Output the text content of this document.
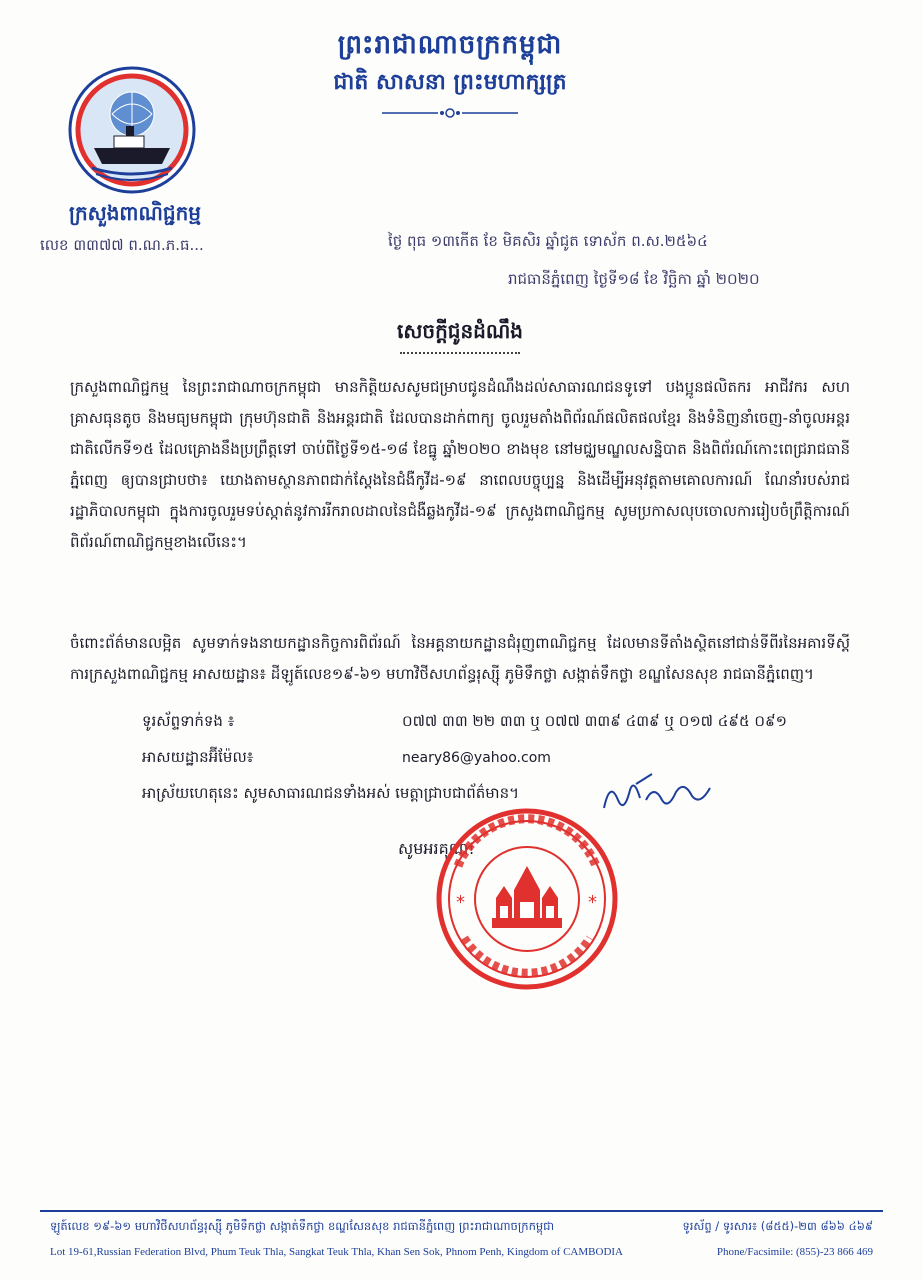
ព្រះរាជាណាចក្រកម្ពុជា
ជាតិ សាសនា ព្រះមហាក្សត្រ
ក្រសួងពាណិជ្ជកម្ម
លេខ ៣៣៧៧ ព.ណ.ភ.ធ...	ថ្ងៃ ពុធ ១៣កើត ខែ មិគសិរ ឆ្នាំជូត ទោស័ក ព.ស.២៥៦៤
រាជធានីភ្នំពេញ ថ្ងៃទី១៨ ខែ វិច្ឆិកា ឆ្នាំ ២០២០
សេចក្តីជូនដំណឹង
ក្រសួងពាណិជ្ជកម្ម នៃព្រះរាជាណាចក្រកម្ពុជា មានកិត្តិយសសូមជម្រាបជូនដំណឹងដល់សាធារណជនទូទៅ បងប្អូនផលិតករ អាជីវករ សហគ្រាសធុនតូច និងមធ្យមកម្ពុជា ក្រុមហ៊ុនជាតិ និងអន្តរជាតិ ដែលបានដាក់ពាក្យ ចូលរួមតាំងពិព័រណ៍ផលិតផលខ្មែរ និងទំនិញនាំចេញ-នាំចូលអន្តរជាតិលើកទី១៥ ដែលគ្រោងនឹងប្រព្រឹត្តទៅ ចាប់ពីថ្ងៃទី១៥-១៨ ខែធ្នូ ឆ្នាំ២០២០ ខាងមុខ នៅមជ្ឈមណ្ឌលសន្និបាត និងពិព័រណ៍កោះពេជ្ររាជធានីភ្នំពេញ ឲ្យបានជ្រាបថា៖ យោងតាមស្ថានភាពជាក់ស្តែងនៃជំងឺកូវីដ-១៩ នាពេលបច្ចុប្បន្ន និងដើម្បីអនុវត្តតាមគោលការណ៍ ណែនាំរបស់រាជរដ្ឋាភិបាលកម្ពុជា ក្នុងការចូលរួមទប់ស្កាត់នូវការរីករាលដាលនៃជំងឺឆ្លងកូវីដ-១៩ ក្រសួងពាណិជ្ជកម្ម សូមប្រកាសលុបចោលការរៀបចំព្រឹត្តិការណ៍ពិព័រណ៍ពាណិជ្ជកម្មខាងលើនេះ។
ចំពោះព័ត៌មានលម្អិត សូមទាក់ទងនាយកដ្ឋានកិច្ចការពិព័រណ៍ នៃអគ្គនាយកដ្ឋានជំរុញពាណិជ្ជកម្ម ដែលមានទីតាំងស្ថិតនៅជាន់ទីពីរនៃអគារទីស្តីការក្រសួងពាណិជ្ជកម្ម អាសយដ្ឋាន៖ ដីឡូត៍លេខ១៩-៦១ មហាវិថីសហព័ន្ធរុស្ស៊ី ភូមិទឹកថ្លា សង្កាត់ទឹកថ្លា ខណ្ឌសែនសុខ រាជធានីភ្នំពេញ។
ទូរស័ព្ទទាក់ទង ៖	០៧៧ ៣៣ ២២ ៣៣ ឬ ០៧៧ ៣៣៩ ៤៣៩ ឬ ០១៧ ៤៩៥ ០៩១
អាសយដ្ឋានអ៊ីម៉ែល៖	neary86@yahoo.com
អាស្រ័យហេតុនេះ សូមសាធារណជនទាំងអស់ មេត្តាជ្រាបជាព័ត៌មាន។
សូមអរគុណ!
*	*
ឡូត៍លេខ ១៩-៦១ មហាវិថីសហព័ន្ធរុស្ស៊ី ភូមិទឹកថ្លា សង្កាត់ទឹកថ្លា ខណ្ឌសែនសុខ រាជធានីភ្នំពេញ ព្រះរាជាណាចក្រកម្ពុជា	ទូរស័ព្ទ / ទូរសារ៖ (៨៥៥)-២៣ ៨៦៦ ៤៦៩
Lot 19-61,Russian Federation Blvd, Phum Teuk Thla, Sangkat Teuk Thla, Khan Sen Sok, Phnom Penh, Kingdom of CAMBODIA	Phone/Facsimile: (855)-23 866 469
